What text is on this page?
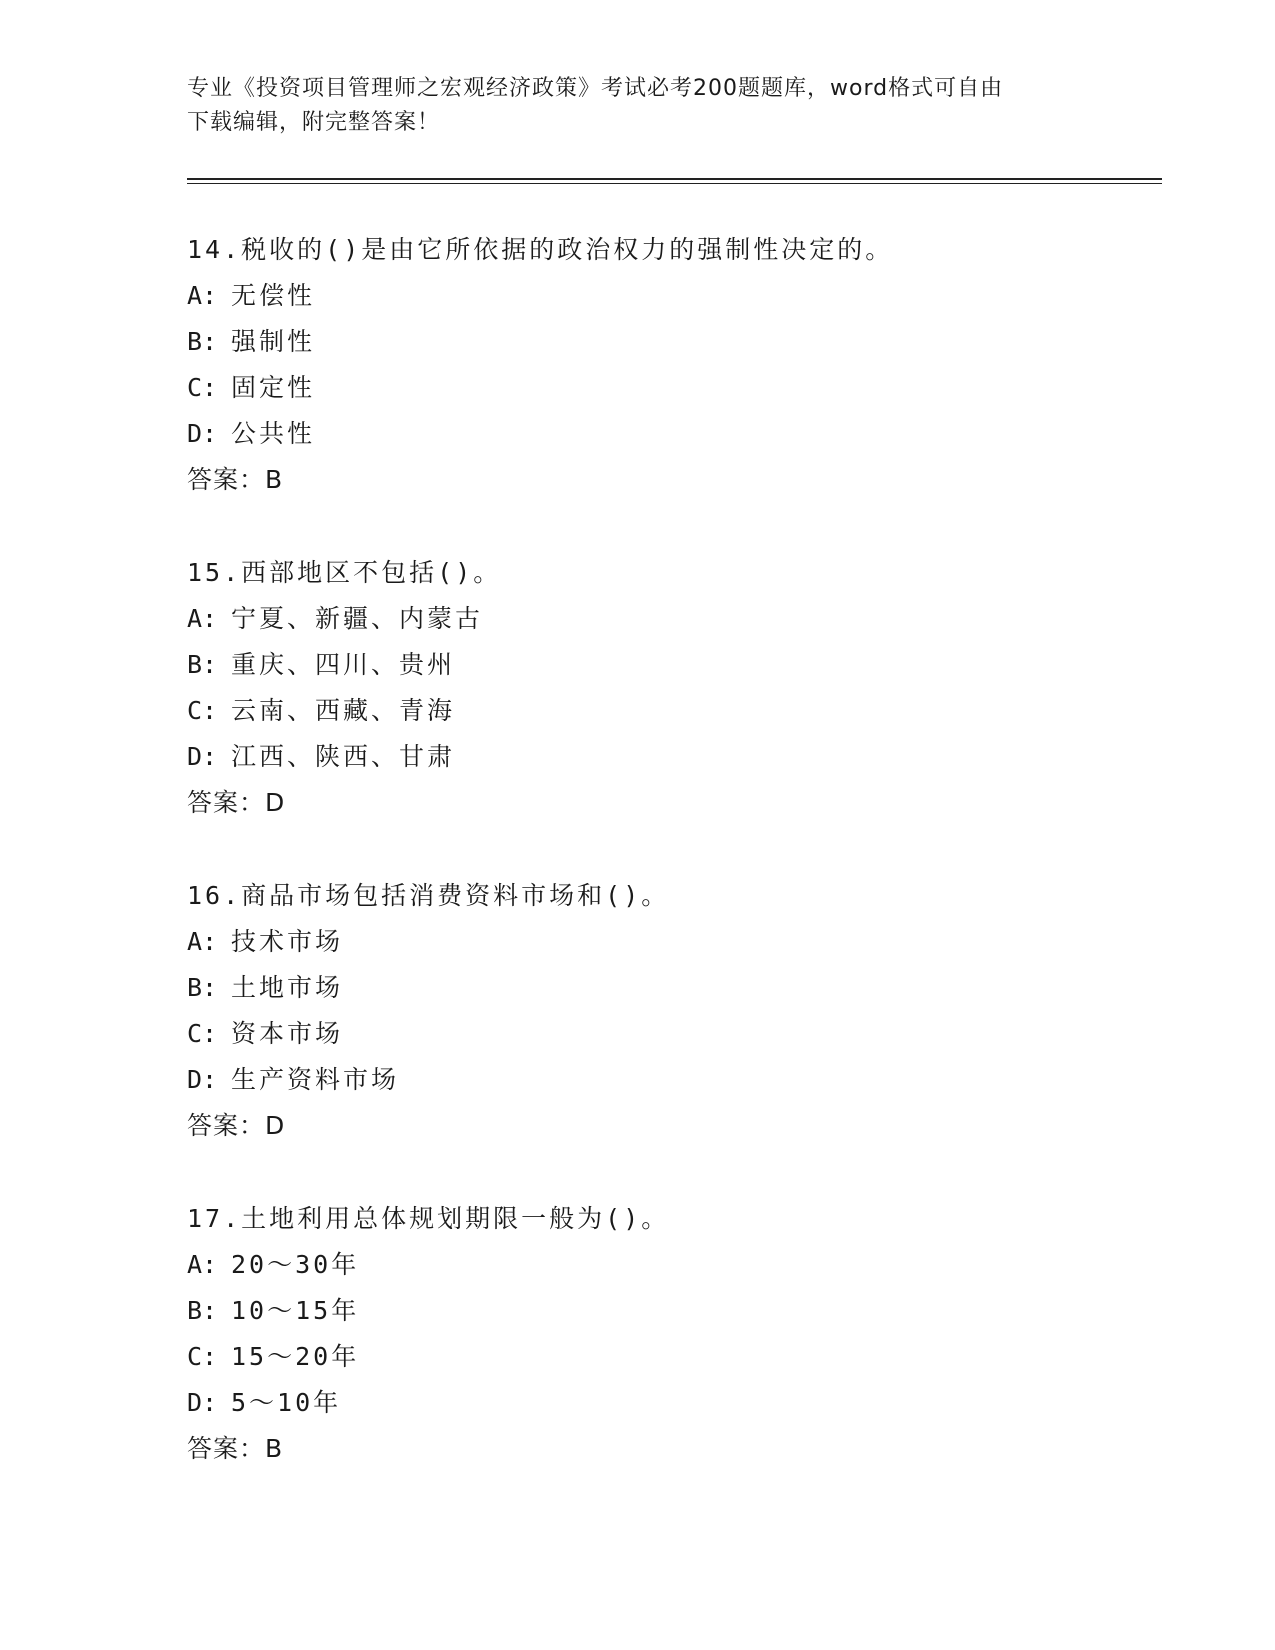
专业《投资项目管理师之宏观经济政策》考试必考200题题库，word格式可自由
下载编辑，附完整答案！
14.税收的()是由它所依据的政治权力的强制性决定的。
A: 无偿性
B: 强制性
C: 固定性
D: 公共性
答案：B
15.西部地区不包括()。
A: 宁夏、新疆、内蒙古
B: 重庆、四川、贵州
C: 云南、西藏、青海
D: 江西、陕西、甘肃
答案：D
16.商品市场包括消费资料市场和()。
A: 技术市场
B: 土地市场
C: 资本市场
D: 生产资料市场
答案：D
17.土地利用总体规划期限一般为()。
A: 20～30年
B: 10～15年
C: 15～20年
D: 5～10年
答案：B
